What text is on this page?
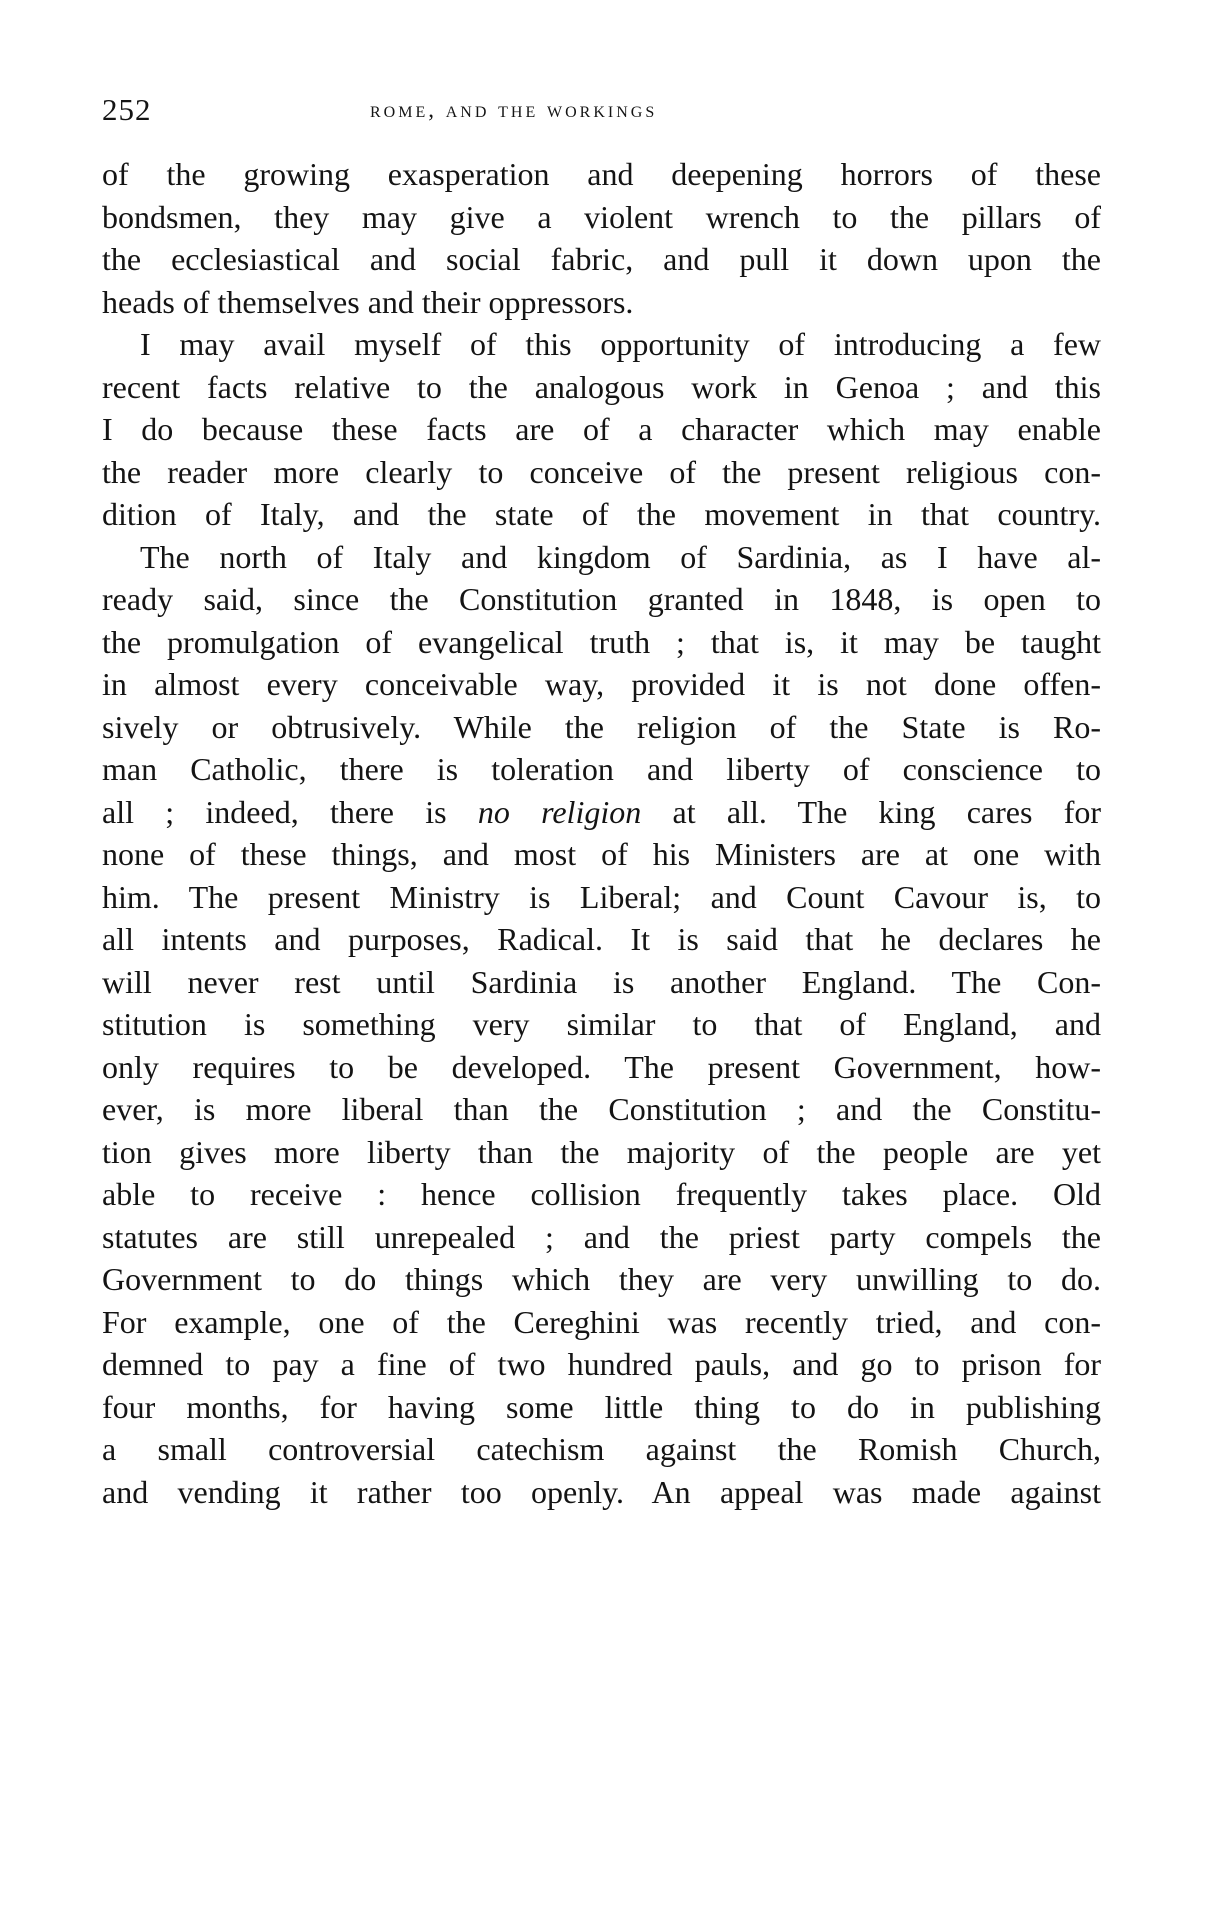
252	rome, and the workings
of the growing exasperation and deepening horrors of these
bondsmen, they may give a violent wrench to the pillars of
the ecclesiastical and social fabric, and pull it down upon the
heads of themselves and their oppressors.
I may avail myself of this opportunity of introducing a few
recent facts relative to the analogous work in Genoa ; and this
I do because these facts are of a character which may enable
the reader more clearly to conceive of the present religious con-
dition of Italy, and the state of the movement in that country.
The north of Italy and kingdom of Sardinia, as I have al-
ready said, since the Constitution granted in 1848, is open to
the promulgation of evangelical truth ; that is, it may be taught
in almost every conceivable way, provided it is not done offen-
sively or obtrusively. While the religion of the State is Ro-
man Catholic, there is toleration and liberty of conscience to
all ; indeed, there is no religion at all. The king cares for
none of these things, and most of his Ministers are at one with
him. The present Ministry is Liberal; and Count Cavour is, to
all intents and purposes, Radical. It is said that he declares he
will never rest until Sardinia is another England. The Con-
stitution is something very similar to that of England, and
only requires to be developed. The present Government, how-
ever, is more liberal than the Constitution ; and the Constitu-
tion gives more liberty than the majority of the people are yet
able to receive : hence collision frequently takes place. Old
statutes are still unrepealed ; and the priest party compels the
Government to do things which they are very unwilling to do.
For example, one of the Cereghini was recently tried, and con-
demned to pay a fine of two hundred pauls, and go to prison for
four months, for having some little thing to do in publishing
a small controversial catechism against the Romish Church,
and vending it rather too openly. An appeal was made against
